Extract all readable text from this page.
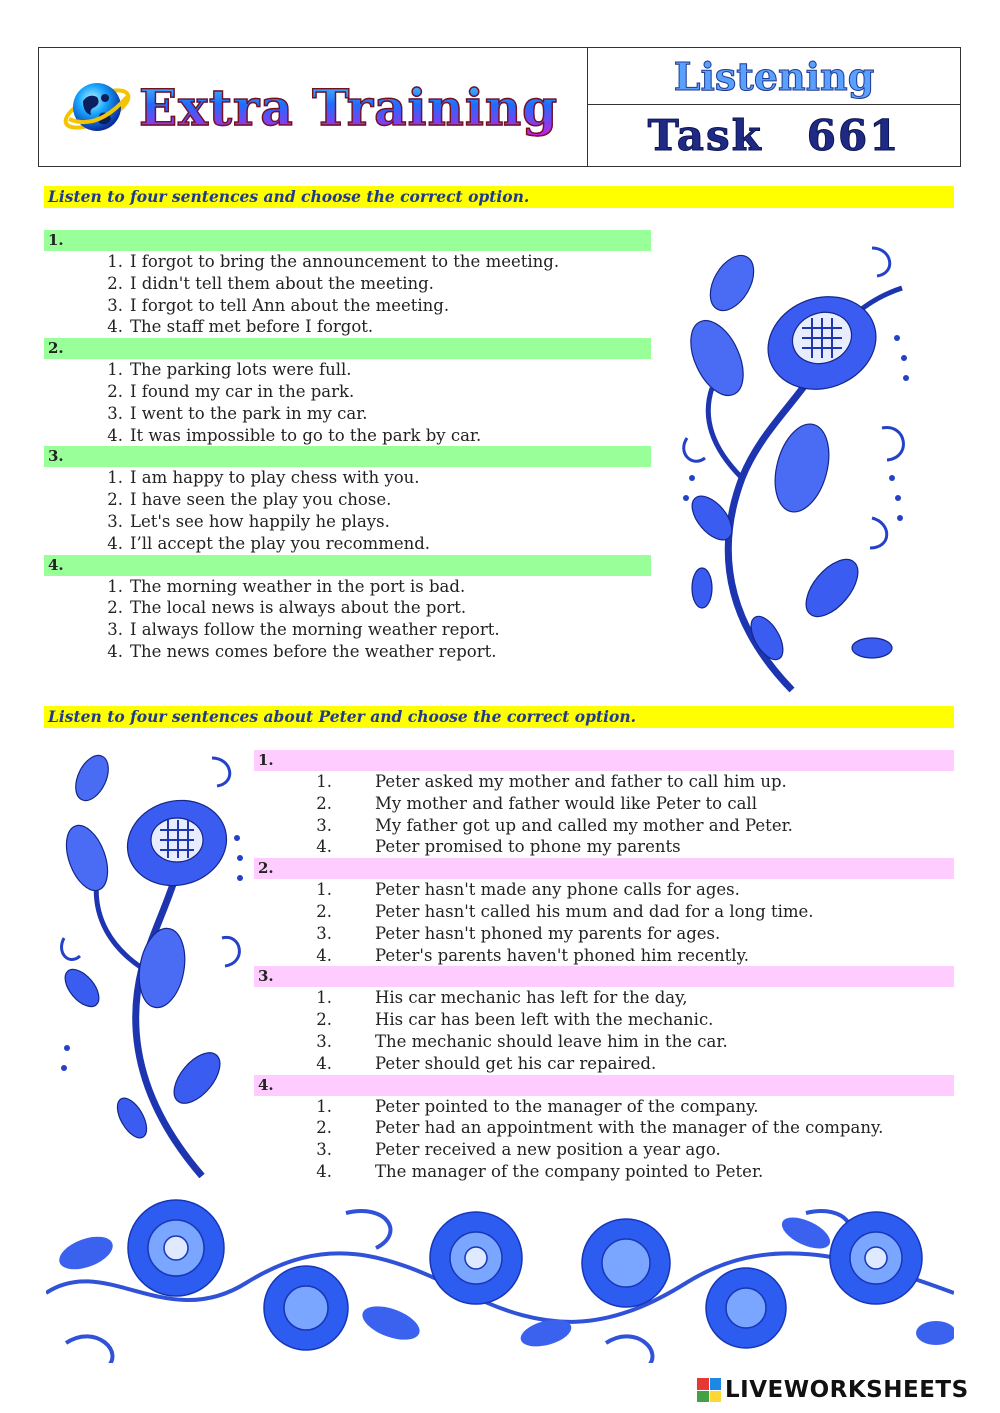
Extra Training
Listening
Task 661
Listen to four sentences and choose the correct option.
1.
1. I forgot to bring the announcement to the meeting.
2. I didn't tell them about the meeting.
3. I forgot to tell Ann about the meeting.
4. The staff met before I forgot.
2.
1. The parking lots were full.
2. I found my car in the park.
3. I went to the park in my car.
4. It was impossible to go to the park by car.
3.
1. I am happy to play chess with you.
2. I have seen the play you chose.
3. Let's see how happily he plays.
4. I’ll accept the play you recommend.
4.
1. The morning weather in the port is bad.
2. The local news is always about the port.
3. I always follow the morning weather report.
4. The news comes before the weather report.
Listen to four sentences about Peter and choose the correct option.
1.
1.	Peter asked my mother and father to call him up.
2.	My mother and father would like Peter to call
3.	My father got up and called my mother and Peter.
4.	Peter promised to phone my parents
2.
1.	Peter hasn't made any phone calls for ages.
2.	Peter hasn't called his mum and dad for a long time.
3.	Peter hasn't phoned my parents for ages.
4.	Peter's parents haven't phoned him recently.
3.
1.	His car mechanic has left for the day,
2.	His car has been left with the mechanic.
3.	The mechanic should leave him in the car.
4.	Peter should get his car repaired.
4.
1.	Peter pointed to the manager of the company.
2.	Peter had an appointment with the manager of the company.
3.	Peter received a new position a year ago.
4.	The manager of the company pointed to Peter.
LIVEWORKSHEETS
